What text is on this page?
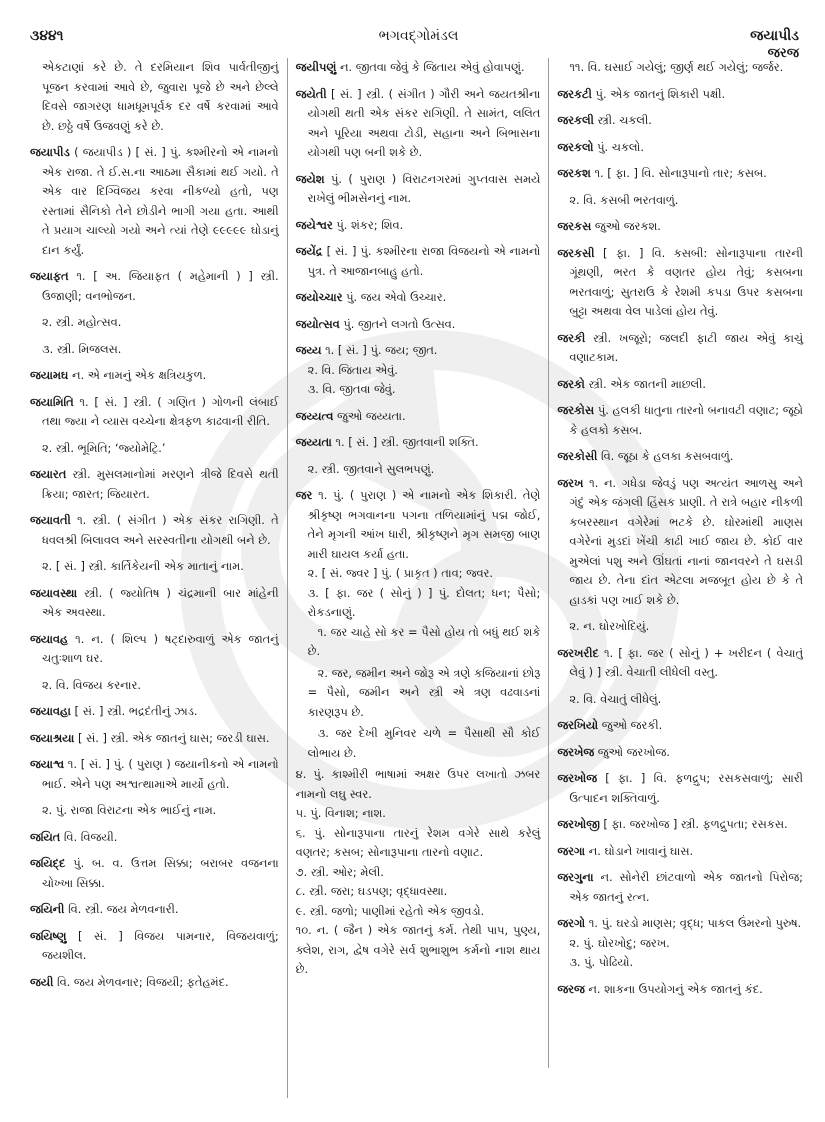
૩૪૪૧	ભગવદ્ગોમંડલ	જયાપીડ
જરજ
એકટાણાં કરે છે. તે દરમિયાન શિવ પાર્વતીજીનું પૂજન કરવામાં આવે છે, જુવારા પૂજે છે અને છેલ્લે દિવસે જાગરણ ધામધૂમપૂર્વક દર વર્ષે કરવામાં આવે છે. છઠ્ઠે વર્ષે ઉજવણું કરે છે.
જયાપીડ ( જયાપીડ ) [ સં. ] પું. કશ્મીરનો એ નામનો એક રાજા. તે ઈ.સ.ના આઠમા સૈકામાં થઈ ગયો. તે એક વાર દિગ્વિજય કરવા નીકળ્યો હતો, પણ રસ્તામાં સૈનિકો તેને છોડીને ભાગી ગયા હતા. આથી તે પ્રયાગ ચાલ્યો ગયો અને ત્યાં તેણે ૯૯૯૯૯ ઘોડાનું દાન કર્યું.
જયાફત ૧. [ અ. જિયાફત ( મહેમાની ) ] સ્ત્રી. ઉજાણી; વનભોજન.
૨. સ્ત્રી. મહોત્સવ.
૩. સ્ત્રી. મિજલસ.
જયામઘ ન. એ નામનું એક ક્ષત્રિયકુળ.
જયામિતિ ૧. [ સં. ] સ્ત્રી. ( ગણિત ) ગોળની લંબાઈ તથા જ્યા ને વ્યાસ વચ્ચેના ક્ષેત્રફળ કાઢવાની રીતિ.
૨. સ્ત્રી. ભૂમિતિ; ‘જ્યોમેટ્રિ.’
જયારત સ્ત્રી. મુસલમાનોમાં મરણને ત્રીજે દિવસે થતી ક્રિયા; જારત; જિયારત.
જયાવતી ૧. સ્ત્રી. ( સંગીત ) એક સંકર રાગિણી. તે ધવલશ્રી બિલાવલ અને સરસ્વતીના યોગથી બને છે.
૨. [ સં. ] સ્ત્રી. કાર્તિકેયની એક માતાનું નામ.
જયાવસ્થા સ્ત્રી. ( જ્યોતિષ ) ચંદ્રમાની બાર માંહેની એક અવસ્થા.
જયાવહ ૧. ન. ( શિલ્પ ) ષટ્દારુવાળું એક જાતનું ચતુઃશાળ ઘર.
૨. વિ. વિજય કરનાર.
જયાવહા [ સં. ] સ્ત્રી. ભદ્રદંતીનું ઝાડ.
જયાશ્રયા [ સં. ] સ્ત્રી. એક જાતનું ઘાસ; જરડી ઘાસ.
જયાશ્વ ૧. [ સં. ] પું. ( પુરાણ ) જયાનીકનો એ નામનો ભાઈ. એને પણ અશ્વત્થામાએ માર્યો હતો.
૨. પું. રાજા વિરાટના એક ભાઈનું નામ.
જયિત વિ. વિજયી.
જયિદ્દ પું. બ. વ. ઉત્તમ સિક્કા; બરાબર વજનના ચોખ્ખા સિક્કા.
જયિની વિ. સ્ત્રી. જય મેળવનારી.
જયિષ્ણુ [ સં. ] વિજય પામનાર, વિજયવાળું; જયશીલ.
જયી વિ. જય મેળવનાર; વિજયી; ફતેહમંદ.
જયીપણું ન. જીતવા જેવું કે જિતાય એવું હોવાપણું.
જયેતી [ સં. ] સ્ત્રી. ( સંગીત ) ગૌરી અને જયતશ્રીના યોગથી થતી એક સંકર રાગિણી. તે સામંત, લલિત અને પૂરિયા અથવા ટોડી, સહાના અને બિભાસના યોગથી પણ બની શકે છે.
જયેશ પું. ( પુરાણ ) વિરાટનગરમાં ગુપ્તવાસ સમયે રાખેલું ભીમસેનનું નામ.
જયેશ્વર પું. શંકર; શિવ.
જયેંદ્ર [ સં. ] પું. કશ્મીરના રાજા વિજયનો એ નામનો પુત્ર. તે આજાનબાહુ હતો.
જયોચ્ચાર પું. જય એવો ઉચ્ચાર.
જયોત્સવ પું. જીતને લગતો ઉત્સવ.
જય્ય ૧. [ સં. ] પું. જય; જીત.
૨. વિ. જિતાય એવું.
૩. વિ. જીતવા જેવું.
જય્યત્વ જુઓ જય્યતા.
જય્યતા ૧. [ સં. ] સ્ત્રી. જીતવાની શક્તિ.
૨. સ્ત્રી. જીતવાને સુલભપણું.
જર ૧. પું. ( પુરાણ ) એ નામનો એક શિકારી. તેણે શ્રીકૃષ્ણ ભગવાનના પગના તળિયામાંનું પદ્મ જોઈ, તેને મૃગની આંખ ધારી, શ્રીકૃષ્ણને મૃગ સમજી બાણ મારી ઘાયલ કર્યા હતા.
૨. [ સં. જ્વર ] પું. ( પ્રાકૃત ) તાવ; જ્વર.
૩. [ ફા. જર ( સોનું ) ] પું. દોલત; ધન; પૈસો; રોકડનાણું.
૧. જર ચાહે સો કર = પૈસો હોય તો બધું થઈ શકે છે.
૨. જર, જમીન અને જોરૂ એ ત્રણે કજિયાનાં છોરૂ = પૈસો, જમીન અને સ્ત્રી એ ત્રણ વઢવાડનાં કારણરૂપ છે.
૩. જર દેખી મુનિવર ચળે = પૈસાથી સૌ કોઈ લોભાય છે.
૪. પું. કાશ્મીરી ભાષામાં અક્ષર ઉપર લખાતો ઝબર નામનો લઘુ સ્વર.
૫. પું. વિનાશ; નાશ.
૬. પું. સોનારૂપાના તારનું રેશમ વગેરે સાથે કરેલું વણતર; કસબ; સોનારૂપાના તારનો વણાટ.
૭. સ્ત્રી. ઓર; મેલી.
૮. સ્ત્રી. જરા; ઘડપણ; વૃદ્ધાવસ્થા.
૯. સ્ત્રી. જળો; પાણીમાં રહેતો એક જીવડો.
૧૦. ન. ( જૈન ) એક જાતનું કર્મ. તેથી પાપ, પુણ્ય, ક્લેશ, રાગ, દ્વેષ વગેરે સર્વ શુભાશુભ કર્મનો નાશ થાય છે.
૧૧. વિ. ઘસાઈ ગયેલું; જીર્ણ થઈ ગયેલું; જર્જર.
જરકટી પું. એક જાતનું શિકારી પક્ષી.
જરકલી સ્ત્રી. ચકલી.
જરકલો પું. ચકલો.
જરકશ ૧. [ ફા. ] વિ. સોનારૂપાનો તાર; કસબ.
૨. વિ. કસબી ભરતવાળું.
જરકસ જુઓ જરકશ.
જરકસી [ ફા. ] વિ. કસબી: સોનારૂપાના તારની ગૂંથણી, ભરત કે વણતર હોય તેવું; કસબના ભરતવાળું; સુતરાઉ કે રેશમી કપડા ઉપર કસબના બુટ્ટા અથવા વેલ પાડેલાં હોય તેવું.
જરકી સ્ત્રી. ખજૂરો; જલદી ફાટી જાય એવું કાચું વણાટકામ.
જરકો સ્ત્રી. એક જાતની માછલી.
જરકોસ પું. હલકી ધાતુના તારનો બનાવટી વણાટ; જૂઠો કે હલકો કસબ.
જરકોસી વિ. જૂઠા કે હલકા કસબવાળું.
જરખ ૧. ન. ગધેડા જેવડું પણ અત્યંત આળસુ અને ગંદું એક જંગલી હિંસક પ્રાણી. તે રાત્રે બહાર નીકળી કબરસ્થાન વગેરેમાં ભટકે છે. ઘોરમાંથી માણસ વગેરેનાં મુડદાં ખેંચી કાઢી ખાઈ જાય છે. કોઈ વાર મુએલાં પશુ અને ઊંઘતાં નાનાં જાનવરને તે ઘસડી જાય છે. તેના દાંત એટલા મજબૂત હોય છે કે તે હાડકાં પણ ખાઈ શકે છે.
૨. ન. ઘોરખોદિયું.
જરખરીદ ૧. [ ફા. જર ( સોનું ) + ખરીદન ( વેચાતું લેવું ) ] સ્ત્રી. વેચાતી લીધેલી વસ્તુ.
૨. વિ. વેચાતું લીધેલું.
જરખિયો જુઓ જરકી.
જરખેજ જુઓ જરખોજ.
જરખોજ [ ફા. ] વિ. ફળદ્રુપ; રસકસવાળું; સારી ઉત્પાદન શક્તિવાળું.
જરખોજી [ ફા. જરખોજ ] સ્ત્રી. ફળદ્રુપતા; રસકસ.
જરગા ન. ઘોડાને ખાવાનું ઘાસ.
જરગુના ન. સોનેરી છાંટવાળો એક જાતનો પિરોજ; એક જાતનું રત્ન.
જરગો ૧. પું. ઘરડો માણસ; વૃદ્ધ; પાકલ ઉંમરનો પુરુષ.
૨. પું. ઘોરખોદુ; જરખ.
૩. પું. પોઢિયો.
જરજ ન. શાકના ઉપયોગનું એક જાતનું કંદ.
